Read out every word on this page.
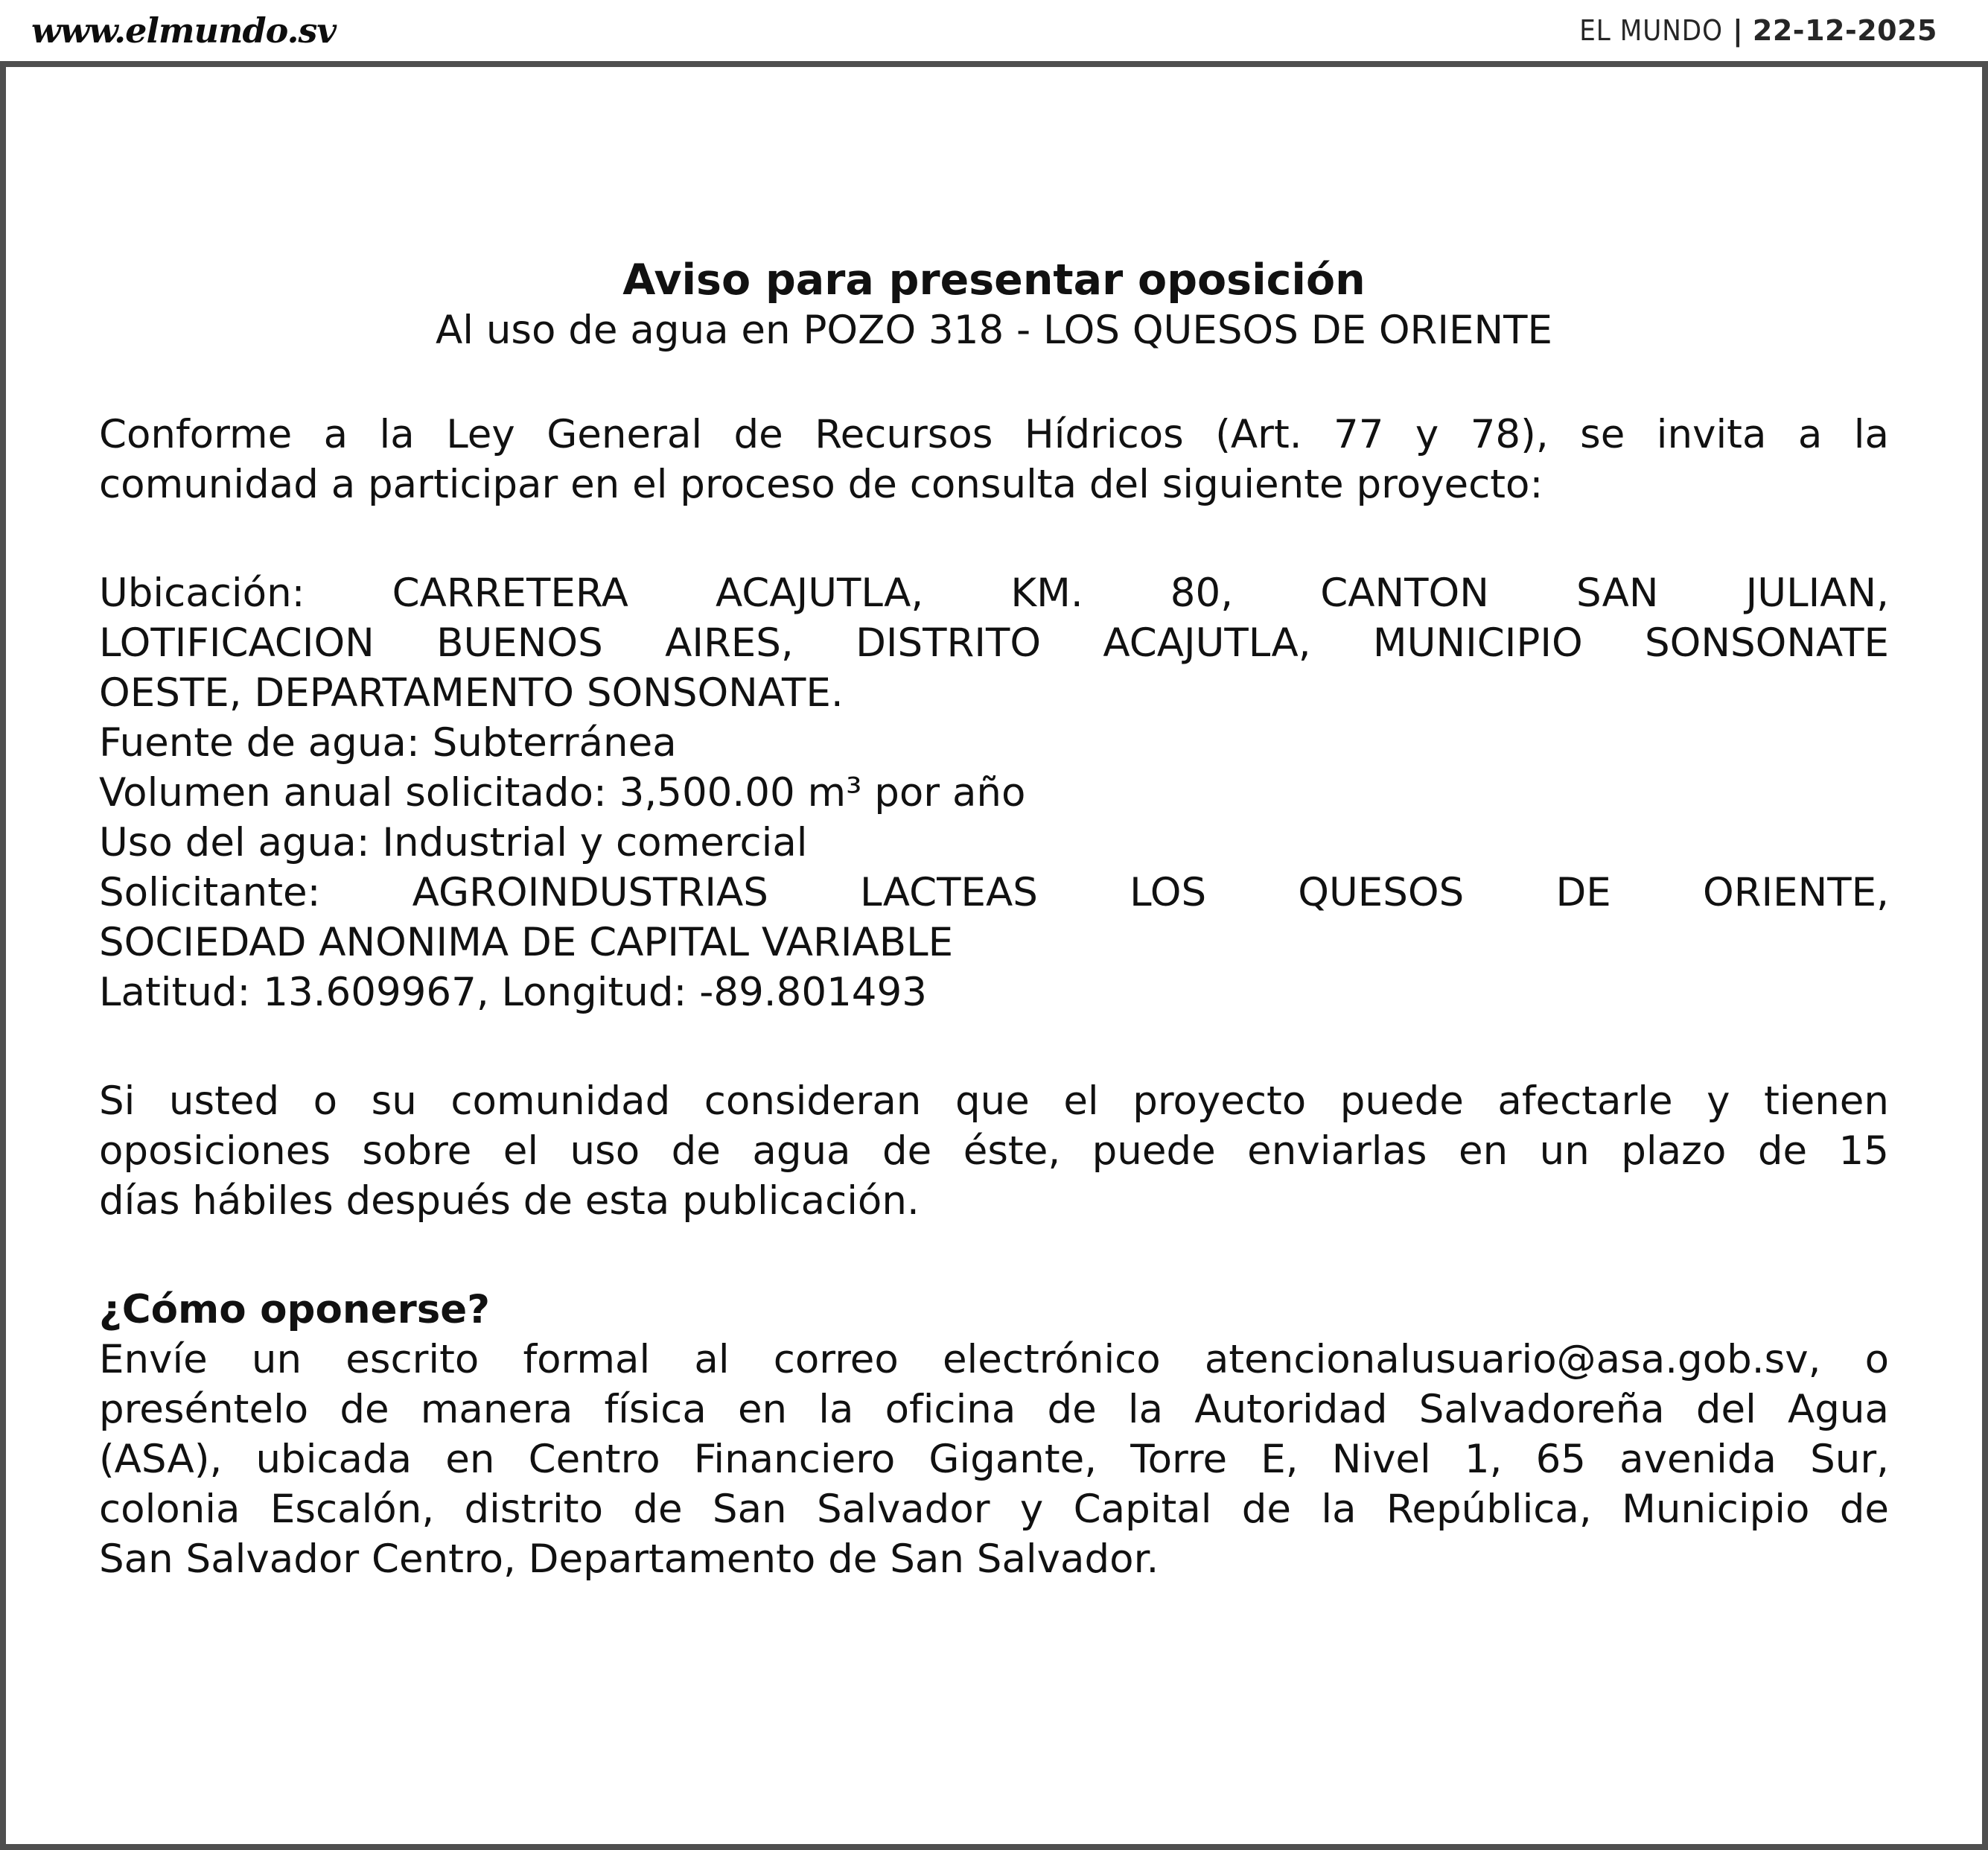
www.elmundo.sv	EL MUNDO | 22-12-2025
Aviso para presentar oposición
Al uso de agua en POZO 318 - LOS QUESOS DE ORIENTE
Conforme a la Ley General de Recursos Hídricos (Art. 77 y 78), se invita a la
comunidad a participar en el proceso de consulta del siguiente proyecto:
Ubicación: CARRETERA ACAJUTLA, KM. 80, CANTON SAN JULIAN,
LOTIFICACION BUENOS AIRES, DISTRITO ACAJUTLA, MUNICIPIO SONSONATE
OESTE, DEPARTAMENTO SONSONATE.
Fuente de agua: Subterránea
Volumen anual solicitado: 3,500.00 m³ por año
Uso del agua: Industrial y comercial
Solicitante: AGROINDUSTRIAS LACTEAS LOS QUESOS DE ORIENTE,
SOCIEDAD ANONIMA DE CAPITAL VARIABLE
Latitud: 13.609967, Longitud: -89.801493
Si usted o su comunidad consideran que el proyecto puede afectarle y tienen
oposiciones sobre el uso de agua de éste, puede enviarlas en un plazo de 15
días hábiles después de esta publicación.
¿Cómo oponerse?
Envíe un escrito formal al correo electrónico atencionalusuario@asa.gob.sv, o
preséntelo de manera física en la oficina de la Autoridad Salvadoreña del Agua
(ASA), ubicada en Centro Financiero Gigante, Torre E, Nivel 1, 65 avenida Sur,
colonia Escalón, distrito de San Salvador y Capital de la República, Municipio de
San Salvador Centro, Departamento de San Salvador.
